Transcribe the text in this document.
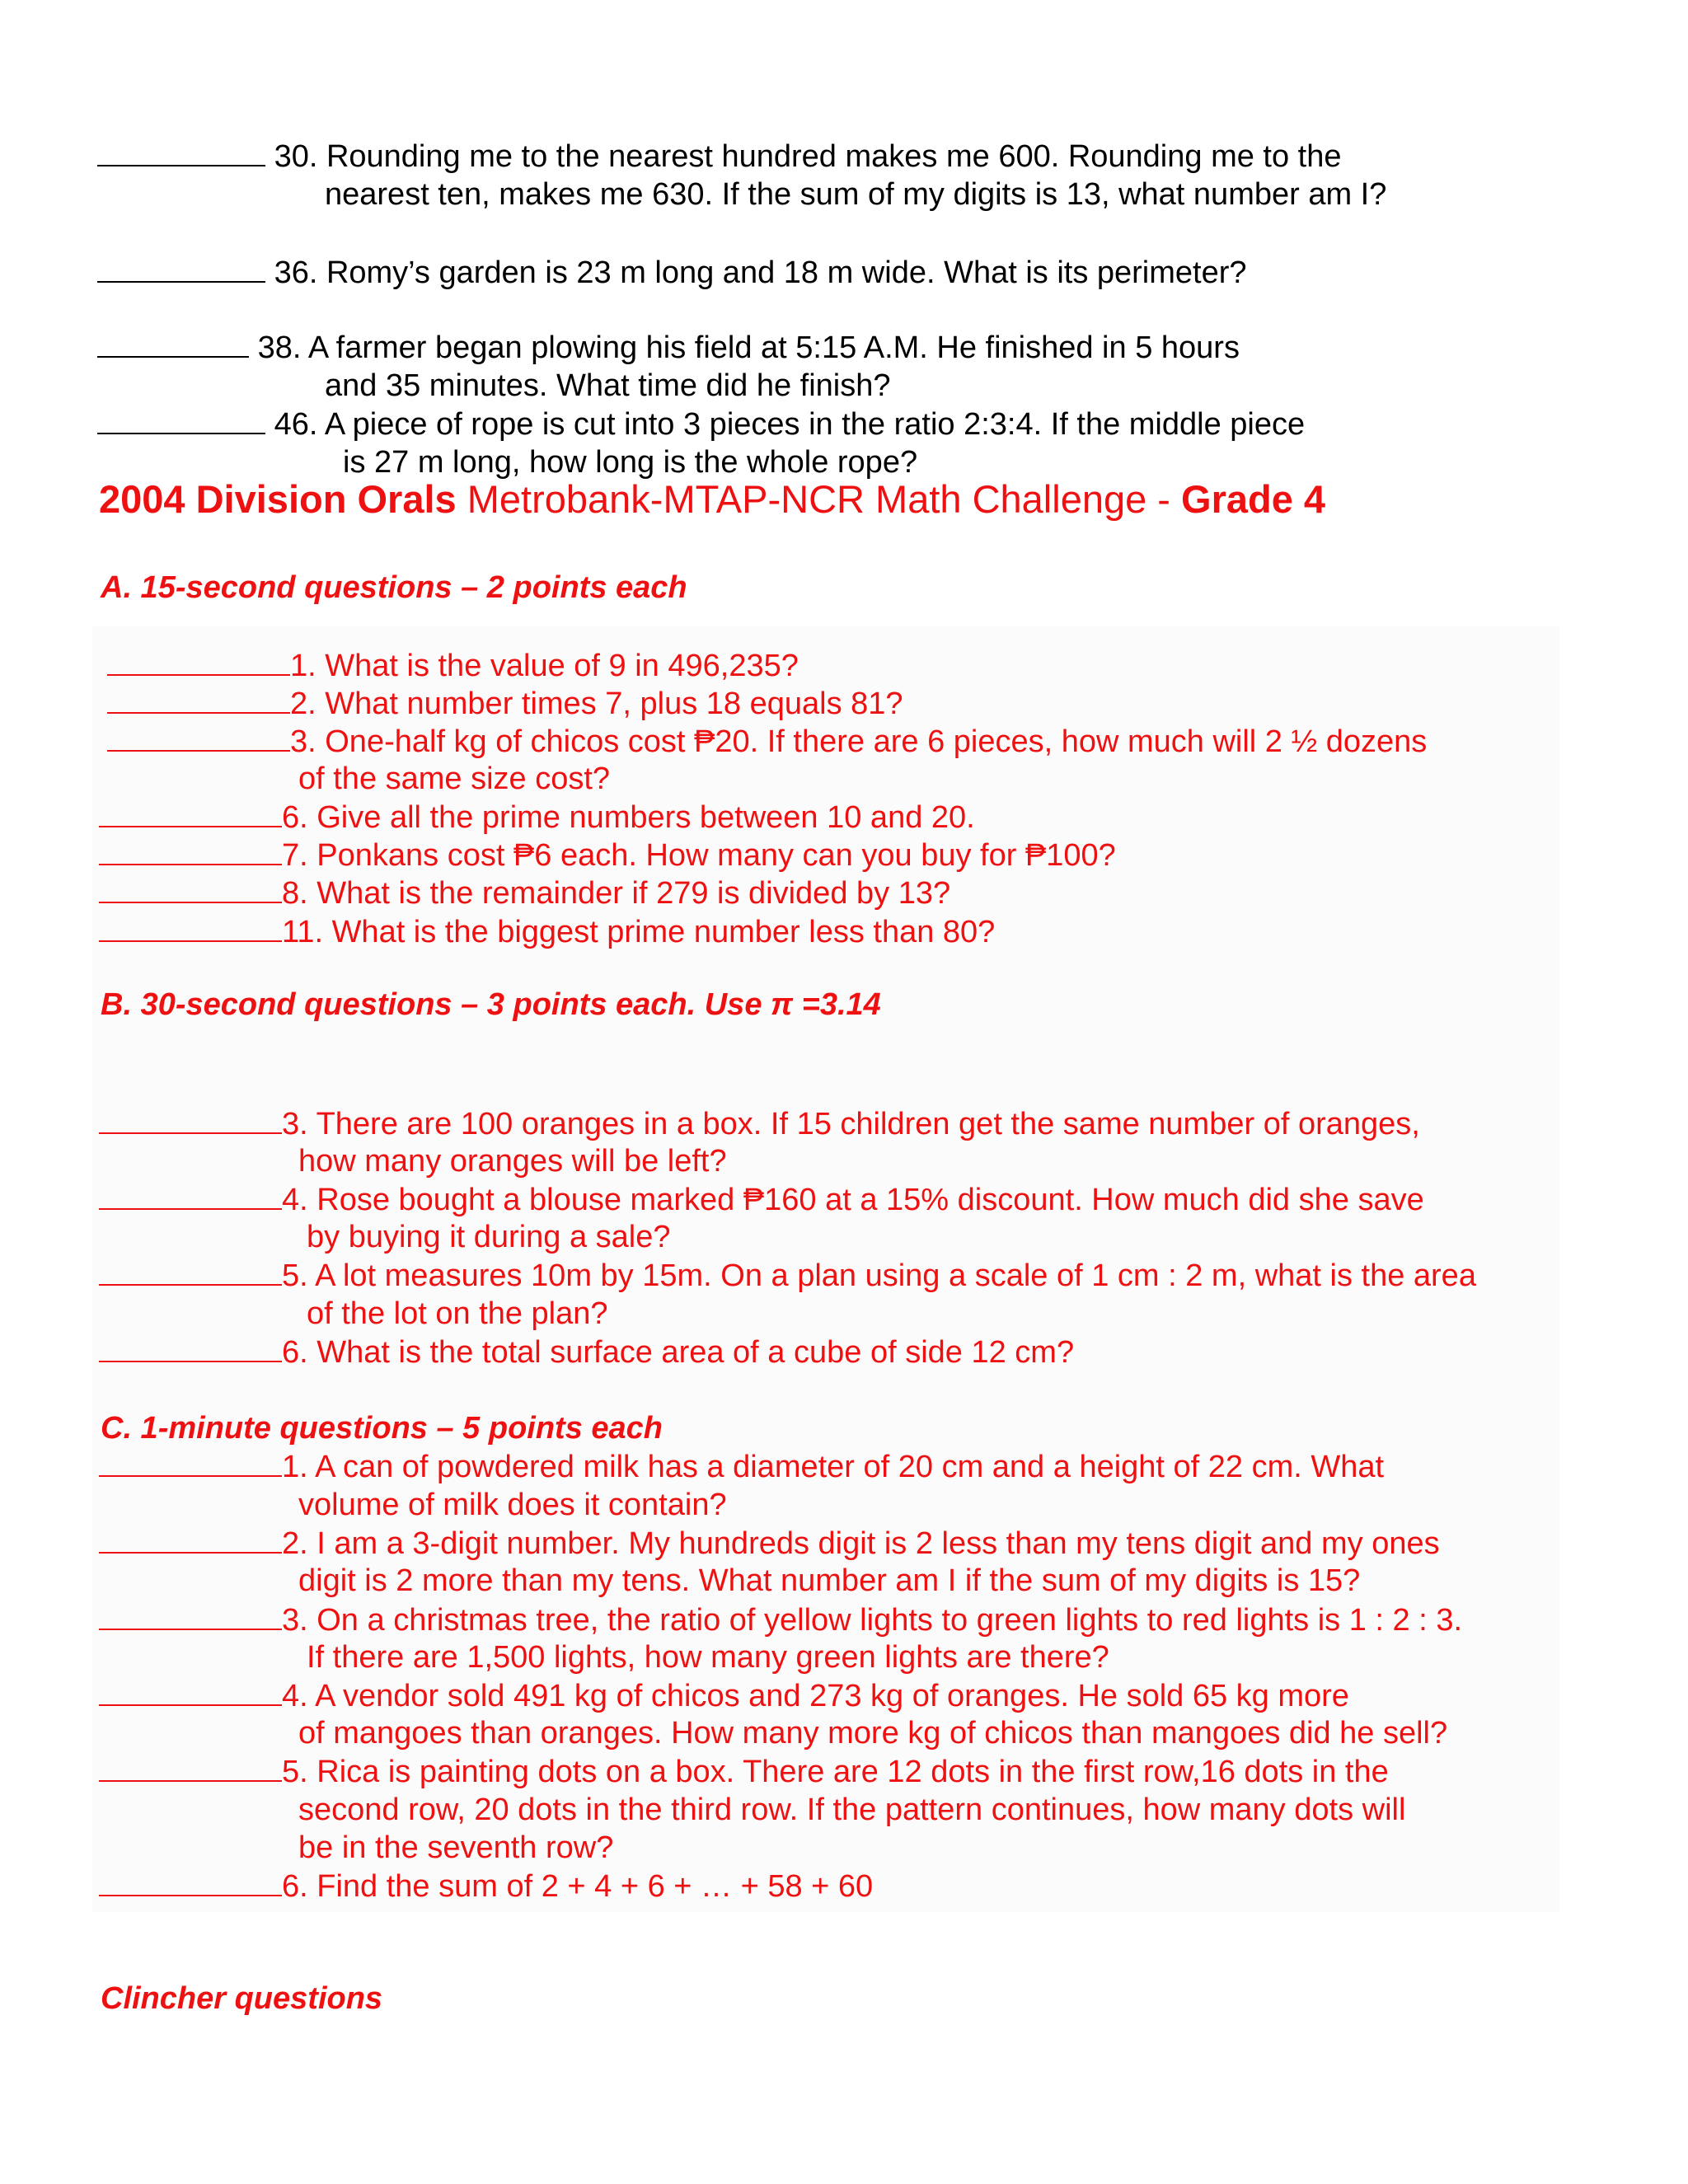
30. Rounding me to the nearest hundred makes me 600. Rounding me to the
nearest ten, makes me 630. If the sum of my digits is 13, what number am I?
36. Romy’s garden is 23 m long and 18 m wide. What is its perimeter?
38. A farmer began plowing his field at 5:15 A.M. He finished in 5 hours
and 35 minutes. What time did he finish?
46. A piece of rope is cut into 3 pieces in the ratio 2:3:4. If the middle piece
is 27 m long, how long is the whole rope?
2004 Division Orals Metrobank-MTAP-NCR Math Challenge - Grade 4
A. 15-second questions – 2 points each
1. What is the value of 9 in 496,235?
2. What number times 7, plus 18 equals 81?
3. One-half kg of chicos cost ₱20. If there are 6 pieces, how much will 2 ½ dozens
of the same size cost?
6. Give all the prime numbers between 10 and 20.
7. Ponkans cost ₱6 each. How many can you buy for ₱100?
8. What is the remainder if 279 is divided by 13?
11. What is the biggest prime number less than 80?
B. 30-second questions – 3 points each. Use π =3.14
3. There are 100 oranges in a box. If 15 children get the same number of oranges,
how many oranges will be left?
4. Rose bought a blouse marked ₱160 at a 15% discount. How much did she save
by buying it during a sale?
5. A lot measures 10m by 15m. On a plan using a scale of 1 cm : 2 m, what is the area
of the lot on the plan?
6. What is the total surface area of a cube of side 12 cm?
C. 1-minute questions – 5 points each
1. A can of powdered milk has a diameter of 20 cm and a height of 22 cm. What
volume of milk does it contain?
2. I am a 3-digit number. My hundreds digit is 2 less than my tens digit and my ones
digit is 2 more than my tens. What number am I if the sum of my digits is 15?
3. On a christmas tree, the ratio of yellow lights to green lights to red lights is 1 : 2 : 3.
If there are 1,500 lights, how many green lights are there?
4. A vendor sold 491 kg of chicos and 273 kg of oranges. He sold 65 kg more
of mangoes than oranges. How many more kg of chicos than mangoes did he sell?
5. Rica is painting dots on a box. There are 12 dots in the first row,16 dots in the
second row, 20 dots in the third row. If the pattern continues, how many dots will
be in the seventh row?
6. Find the sum of 2 + 4 + 6 + … + 58 + 60
Clincher questions
